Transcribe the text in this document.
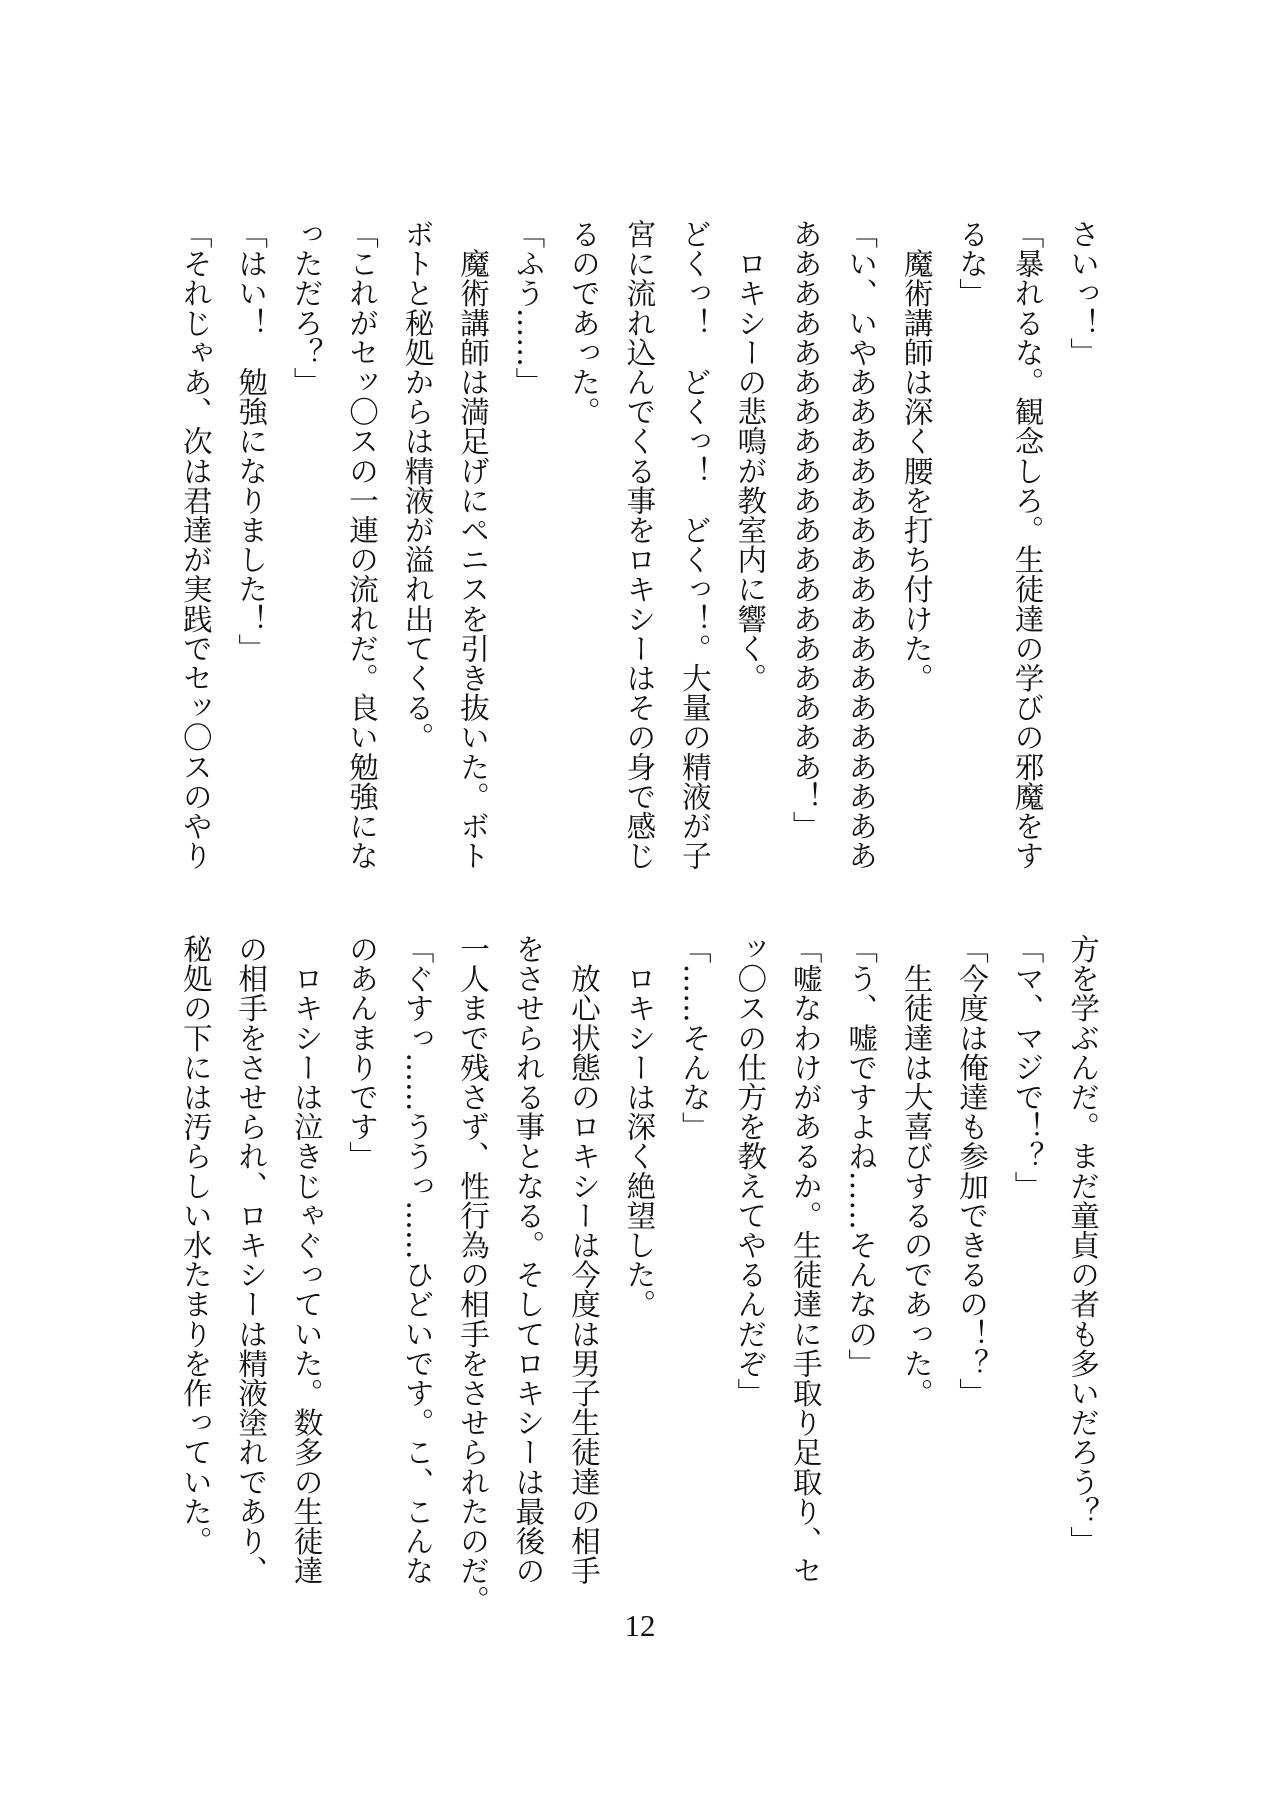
さいっ！」
「暴れるな。観念しろ。生徒達の学びの邪魔をす
るな」
　魔術講師は深く腰を打ち付けた。
「い、いやあああああああああああああああああ
あああああああああああああああああああ！」
　ロキシーの悲鳴が教室内に響く。
どくっ！　どくっ！　どくっ！。大量の精液が子
宮に流れ込んでくる事をロキシーはその身で感じ
るのであった。
「ふう……」
　魔術講師は満足げにペニスを引き抜いた。ボト
ボトと秘処からは精液が溢れ出てくる。
「これがセッ〇スの一連の流れだ。良い勉強にな
っただろ？」
「はい！　勉強になりました！」
「それじゃあ、次は君達が実践でセッ〇スのやり
方を学ぶんだ。まだ童貞の者も多いだろう？」
「マ、マジで！？」
「今度は俺達も参加できるの！？」
　生徒達は大喜びするのであった。
「う、嘘ですよね……そんなの」
「嘘なわけがあるか。生徒達に手取り足取り、セ
ッ〇スの仕方を教えてやるんだぞ」
「……そんな」
　ロキシーは深く絶望した。
　放心状態のロキシーは今度は男子生徒達の相手
をさせられる事となる。そしてロキシーは最後の
一人まで残さず、性行為の相手をさせられたのだ。
「ぐすっ……ううっ……ひどいです。こ、こんな
のあんまりです」
　ロキシーは泣きじゃぐっていた。数多の生徒達
の相手をさせられ、ロキシーは精液塗れであり、
秘処の下には汚らしい水たまりを作っていた。
12
